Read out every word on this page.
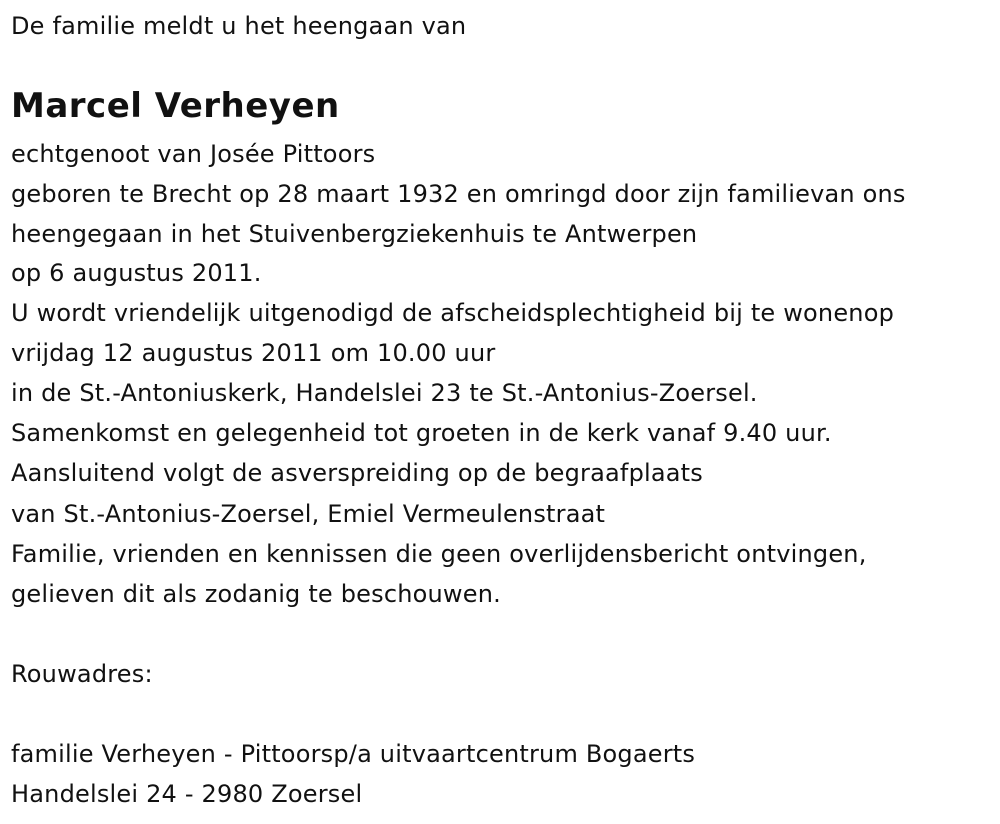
De familie meldt u het heengaan van
Marcel Verheyen
echtgenoot van Josée Pittoors
geboren te Brecht op 28 maart 1932 en omringd door zijn familievan ons
heengegaan in het Stuivenbergziekenhuis te Antwerpen
op 6 augustus 2011.
U wordt vriendelijk uitgenodigd de afscheidsplechtigheid bij te wonenop
vrijdag 12 augustus 2011 om 10.00 uur
in de St.-Antoniuskerk, Handelslei 23 te St.-Antonius-Zoersel.
Samenkomst en gelegenheid tot groeten in de kerk vanaf 9.40 uur.
Aansluitend volgt de asverspreiding op de begraafplaats
van St.-Antonius-Zoersel, Emiel Vermeulenstraat
Familie, vrienden en kennissen die geen overlijdensbericht ontvingen,
gelieven dit als zodanig te beschouwen.
Rouwadres:
familie Verheyen - Pittoorsp/a uitvaartcentrum Bogaerts
Handelslei 24 - 2980 Zoersel
